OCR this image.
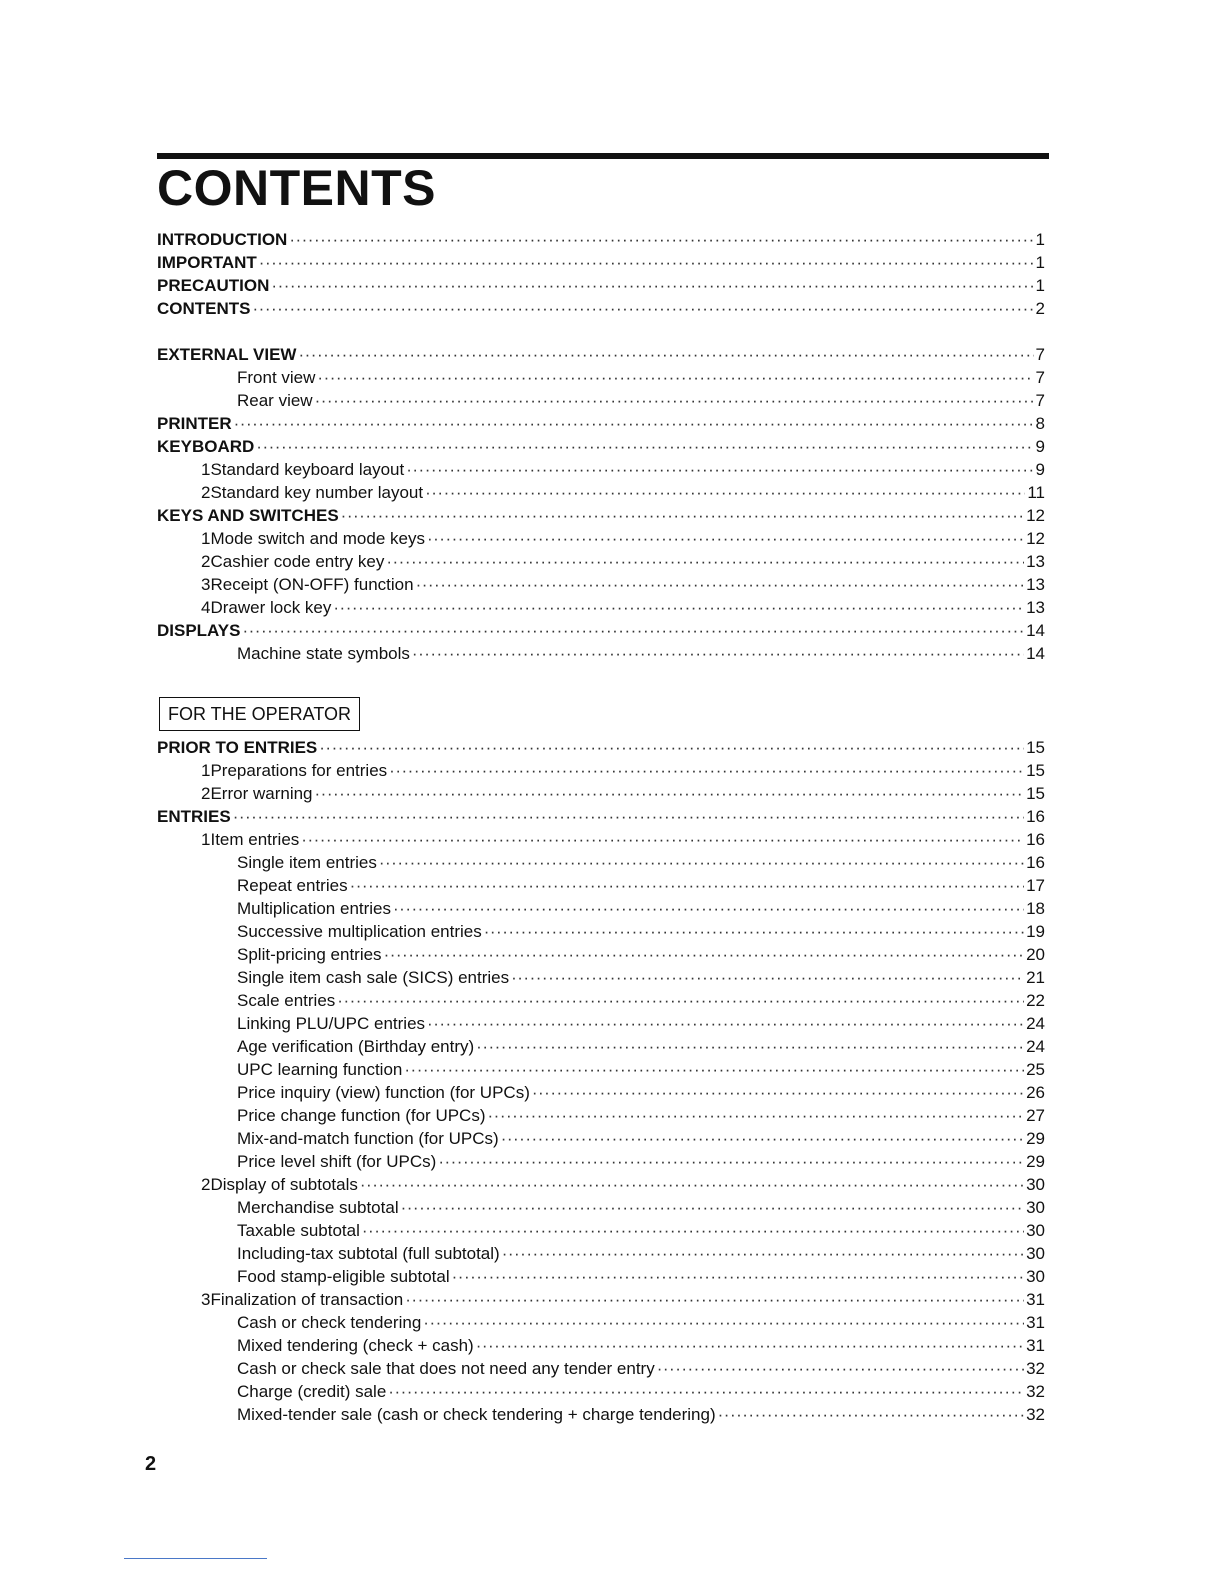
CONTENTS
INTRODUCTION ·····	1
IMPORTANT ·····	1
PRECAUTION ·····	1
CONTENTS ·····	2
EXTERNAL VIEW ·····	7
Front view ·····	7
Rear view ·····	7
PRINTER ·····	8
KEYBOARD ·····	9
1 Standard keyboard layout ·····	9
2 Standard key number layout ·····	11
KEYS AND SWITCHES ·····	12
1 Mode switch and mode keys ·····	12
2 Cashier code entry key ·····	13
3 Receipt (ON-OFF) function ·····	13
4 Drawer lock key ·····	13
DISPLAYS ·····	14
Machine state symbols ·····	14
FOR THE OPERATOR
PRIOR TO ENTRIES ·····	15
1 Preparations for entries ·····	15
2 Error warning ·····	15
ENTRIES ·····	16
1 Item entries ·····	16
Single item entries ·····	16
Repeat entries ·····	17
Multiplication entries ·····	18
Successive multiplication entries ·····	19
Split-pricing entries ·····	20
Single item cash sale (SICS) entries ·····	21
Scale entries ·····	22
Linking PLU/UPC entries ·····	24
Age verification (Birthday entry) ·····	24
UPC learning function ·····	25
Price inquiry (view) function (for UPCs) ·····	26
Price change function (for UPCs) ·····	27
Mix-and-match function (for UPCs) ·····	29
Price level shift (for UPCs) ·····	29
2 Display of subtotals ·····	30
Merchandise subtotal ·····	30
Taxable subtotal ·····	30
Including-tax subtotal (full subtotal) ·····	30
Food stamp-eligible subtotal ·····	30
3 Finalization of transaction ·····	31
Cash or check tendering ·····	31
Mixed tendering (check + cash) ·····	31
Cash or check sale that does not need any tender entry ·····	32
Charge (credit) sale ·····	32
Mixed-tender sale (cash or check tendering + charge tendering) ·····	32
2
